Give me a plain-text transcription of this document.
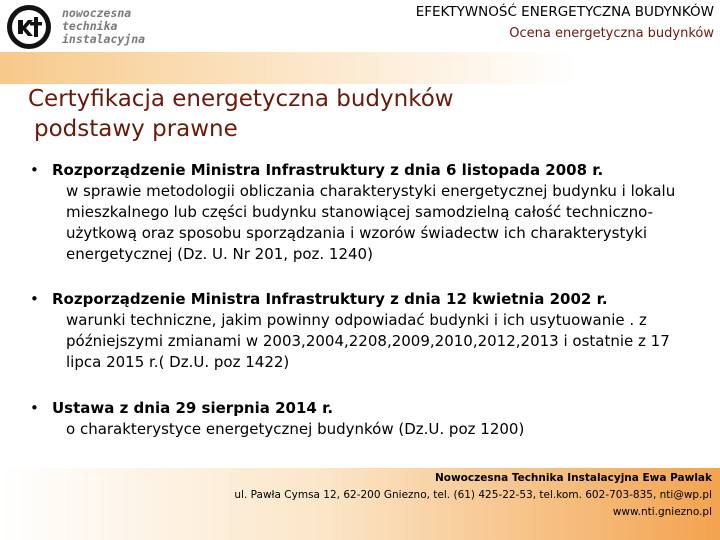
nowoczesna
technika
instalacyjna
EFEKTYWNOŚĆ ENERGETYCZNA BUDYNKÓW
Ocena energetyczna budynków
Certyfikacja energetyczna budynków
podstawy prawne
• Rozporządzenie Ministra Infrastruktury z dnia 6 listopada 2008 r.
w sprawie metodologii obliczania charakterystyki energetycznej budynku i lokalu mieszkalnego lub części budynku stanowiącej samodzielną całość techniczno-użytkową oraz sposobu sporządzania i wzorów świadectw ich charakterystyki energetycznej (Dz. U. Nr 201, poz. 1240)
• Rozporządzenie Ministra Infrastruktury z dnia 12 kwietnia 2002 r.
warunki techniczne, jakim powinny odpowiadać budynki i ich usytuowanie . z późniejszymi zmianami w 2003,2004,2208,2009,2010,2012,2013 i ostatnie z 17 lipca 2015 r.( Dz.U. poz 1422)
• Ustawa z dnia 29 sierpnia 2014 r.
o charakterystyce energetycznej budynków (Dz.U. poz 1200)
Nowoczesna Technika Instalacyjna Ewa Pawlak
ul. Pawła Cymsa 12, 62-200 Gniezno, tel. (61) 425-22-53, tel.kom. 602-703-835, nti@wp.pl
www.nti.gniezno.pl
